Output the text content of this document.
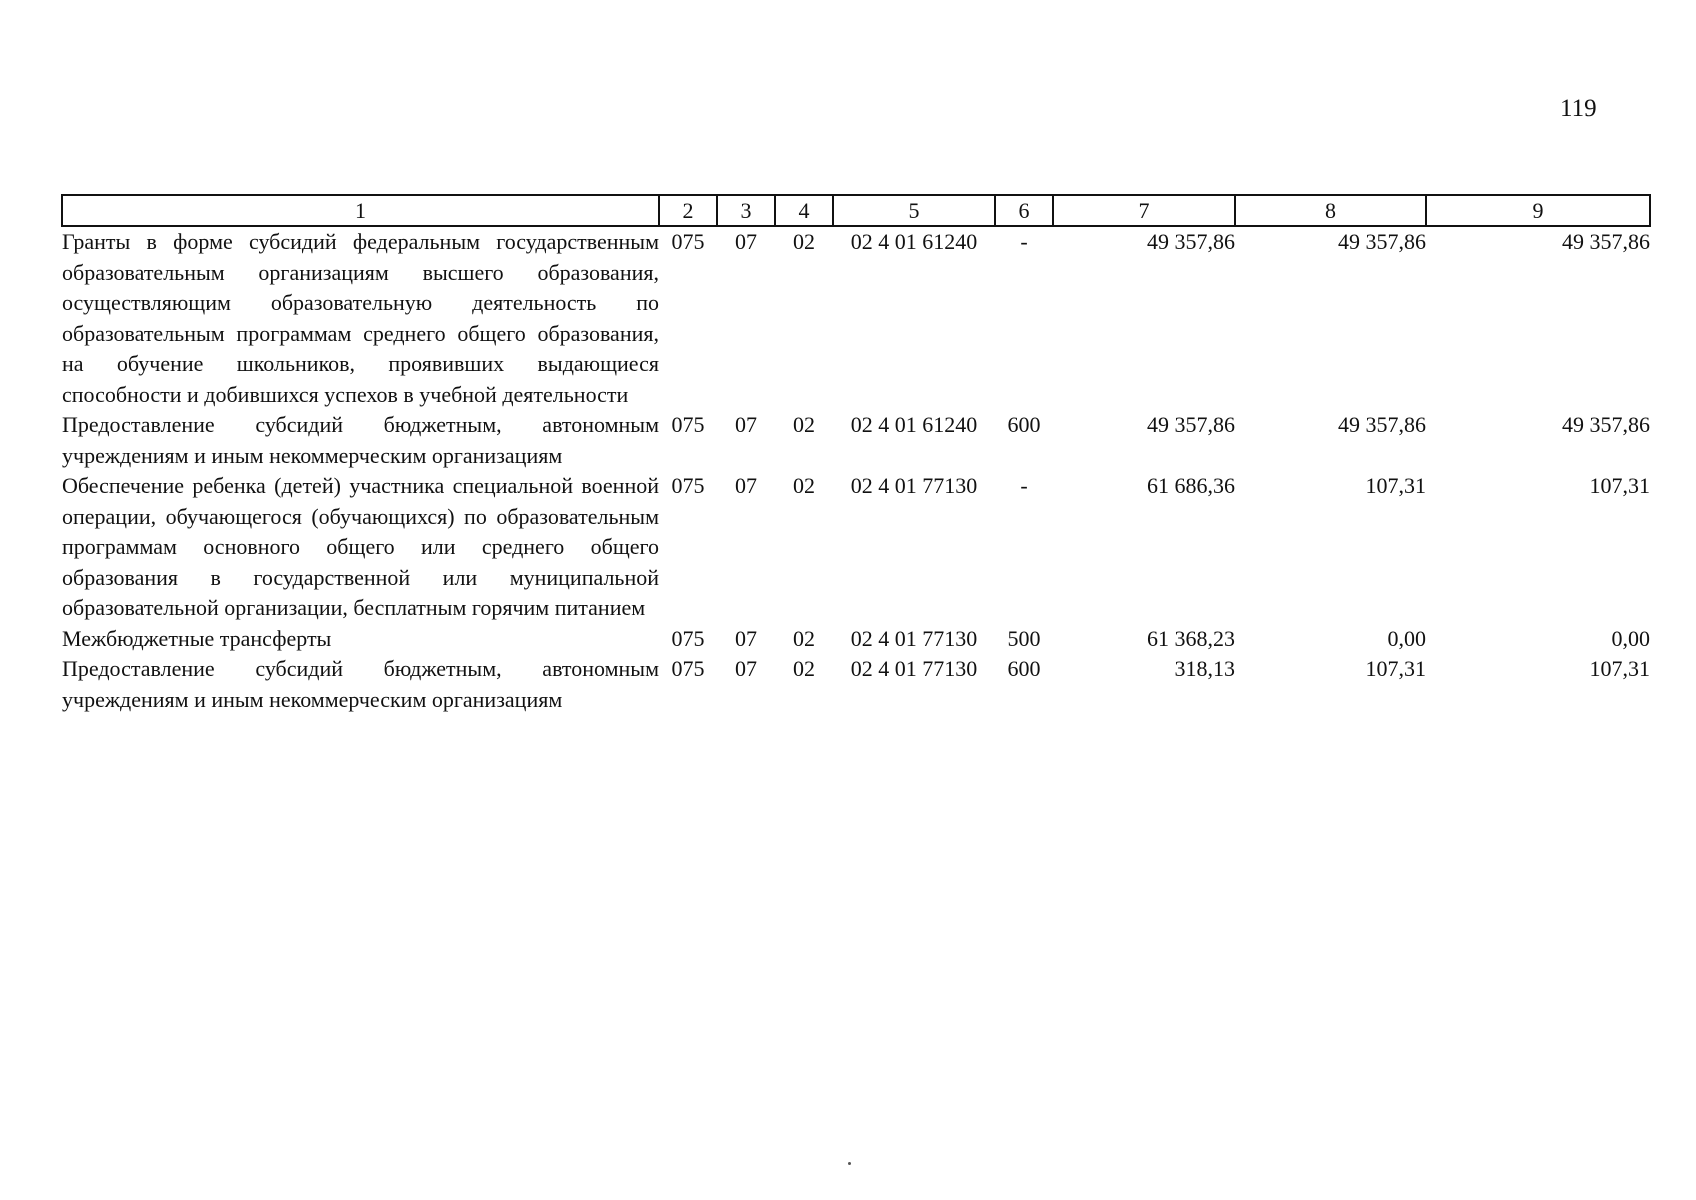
119
1	2	3	4	5	6	7	8	9
Гранты в форме субсидий федеральным государственным образовательным организациям высшего образования, осуществляющим образовательную деятельность по образовательным программам среднего общего образования, на обучение школьников, проявивших выдающиеся способности и добившихся успехов в учебной деятельности	075	07	02	02 4 01 61240	-	49 357,86	49 357,86	49 357,86
Предоставление субсидий бюджетным, автономным учреждениям и иным некоммерческим организациям	075	07	02	02 4 01 61240	600	49 357,86	49 357,86	49 357,86
Обеспечение ребенка (детей) участника специальной военной операции, обучающегося (обучающихся) по образовательным программам основного общего или среднего общего образования в государственной или муниципальной образовательной организации, бесплатным горячим питанием	075	07	02	02 4 01 77130	-	61 686,36	107,31	107,31
Межбюджетные трансферты	075	07	02	02 4 01 77130	500	61 368,23	0,00	0,00
Предоставление субсидий бюджетным, автономным учреждениям и иным некоммерческим организациям	075	07	02	02 4 01 77130	600	318,13	107,31	107,31
